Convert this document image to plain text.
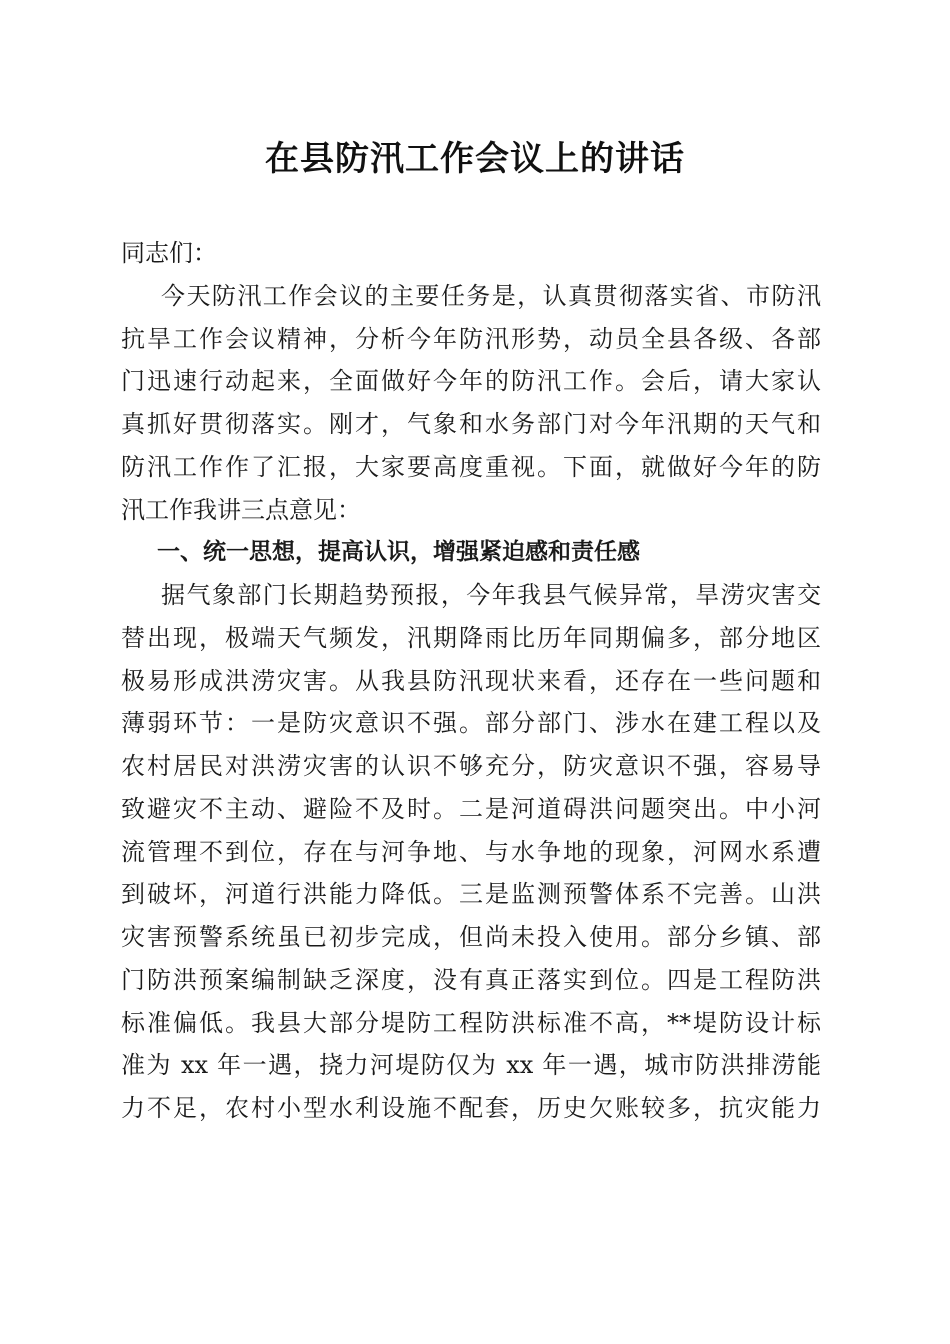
在县防汛工作会议上的讲话
同志们：
今天防汛工作会议的主要任务是，认真贯彻落实省、市防汛
抗旱工作会议精神，分析今年防汛形势，动员全县各级、各部
门迅速行动起来，全面做好今年的防汛工作。会后，请大家认
真抓好贯彻落实。刚才，气象和水务部门对今年汛期的天气和
防汛工作作了汇报，大家要高度重视。下面，就做好今年的防
汛工作我讲三点意见：
一、统一思想，提高认识，增强紧迫感和责任感
据气象部门长期趋势预报，今年我县气候异常，旱涝灾害交
替出现，极端天气频发，汛期降雨比历年同期偏多，部分地区
极易形成洪涝灾害。从我县防汛现状来看，还存在一些问题和
薄弱环节：一是防灾意识不强。部分部门、涉水在建工程以及
农村居民对洪涝灾害的认识不够充分，防灾意识不强，容易导
致避灾不主动、避险不及时。二是河道碍洪问题突出。中小河
流管理不到位，存在与河争地、与水争地的现象，河网水系遭
到破坏，河道行洪能力降低。三是监测预警体系不完善。山洪
灾害预警系统虽已初步完成，但尚未投入使用。部分乡镇、部
门防洪预案编制缺乏深度，没有真正落实到位。四是工程防洪
标准偏低。我县大部分堤防工程防洪标准不高，**堤防设计标
准为 xx 年一遇，挠力河堤防仅为 xx 年一遇，城市防洪排涝能
力不足，农村小型水利设施不配套，历史欠账较多，抗灾能力
